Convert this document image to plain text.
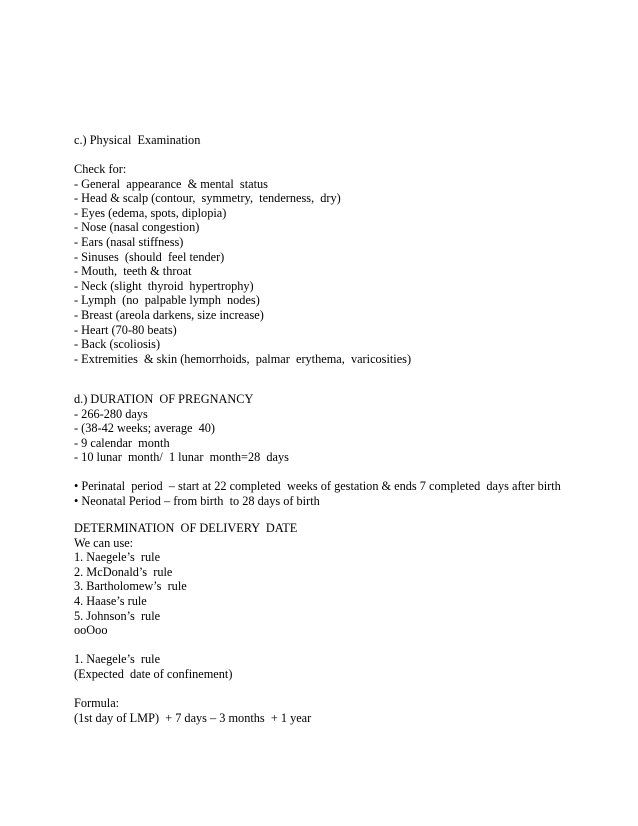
c.) Physical  Examination
Check for:
- General  appearance  & mental  status
- Head & scalp (contour,  symmetry,  tenderness,  dry)
- Eyes (edema, spots, diplopia)
- Nose (nasal congestion)
- Ears (nasal stiffness)
- Sinuses  (should  feel tender)
- Mouth,  teeth & throat
- Neck (slight  thyroid  hypertrophy)
- Lymph  (no  palpable lymph  nodes)
- Breast (areola darkens, size increase)
- Heart (70-80 beats)
- Back (scoliosis)
- Extremities  & skin (hemorrhoids,  palmar  erythema,  varicosities)
d.) DURATION  OF PREGNANCY
- 266-280 days
- (38-42 weeks; average  40)
- 9 calendar  month
- 10 lunar  month/  1 lunar  month=28  days
• Perinatal  period  – start at 22 completed  weeks of gestation & ends 7 completed  days after birth
• Neonatal Period – from birth  to 28 days of birth
DETERMINATION  OF DELIVERY  DATE
We can use:
1. Naegele’s  rule
2. McDonald’s  rule
3. Bartholomew’s  rule
4. Haase’s rule
5. Johnson’s  rule
ooOoo
1. Naegele’s  rule
(Expected  date of confinement)
Formula:
(1st day of LMP)  + 7 days – 3 months  + 1 year
